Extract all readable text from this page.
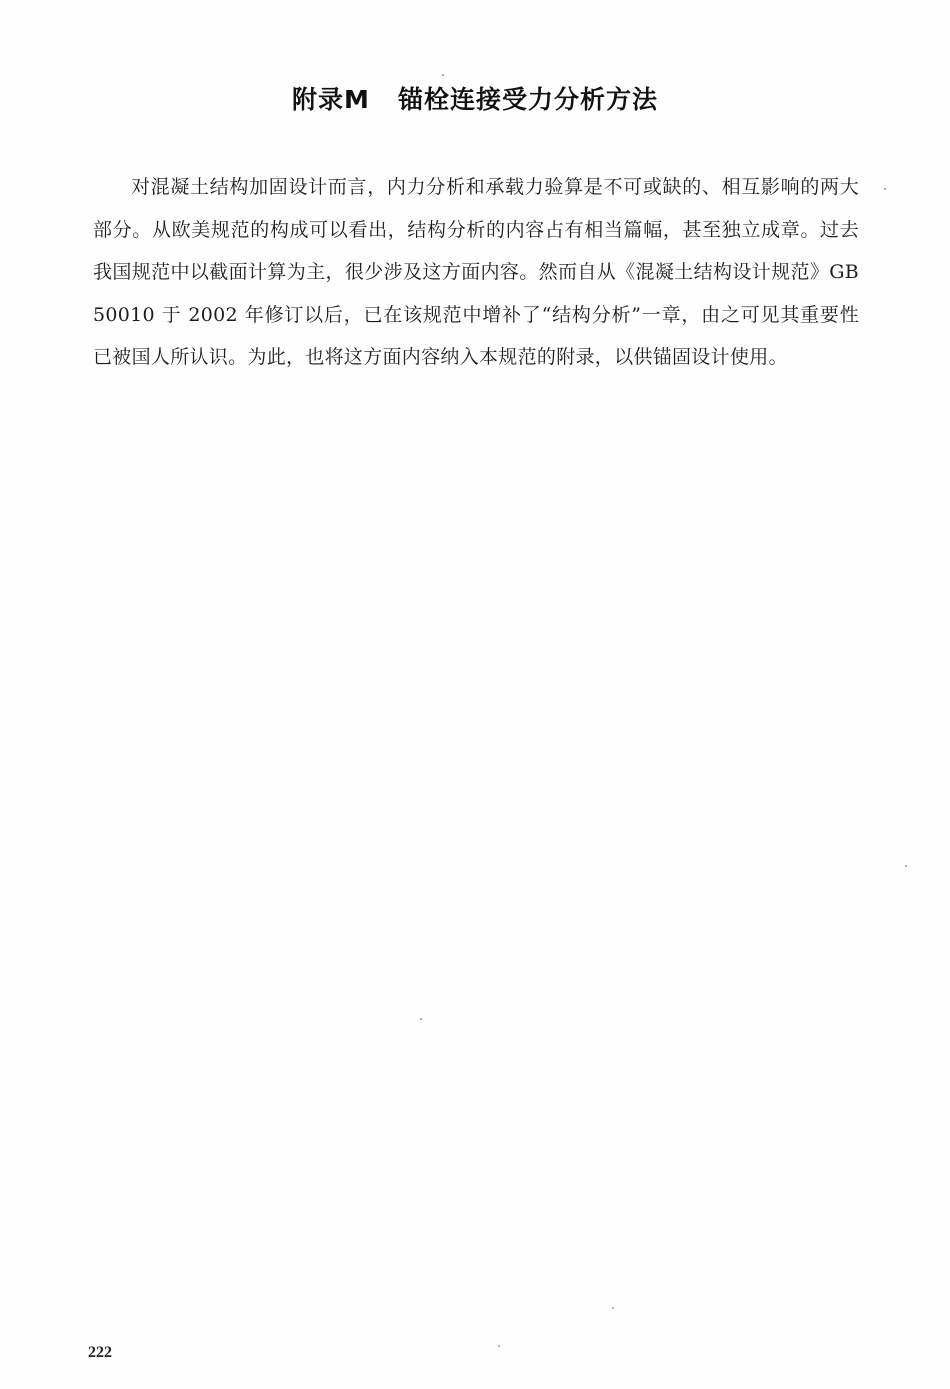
附录M 锚栓连接受力分析方法

对混凝土结构加固设计而言，内力分析和承载力验算是不可或缺的、相互影响的两大部分。从欧美规范的构成可以看出，结构分析的内容占有相当篇幅，甚至独立成章。过去我国规范中以截面计算为主，很少涉及这方面内容。然而自从《混凝土结构设计规范》GB 50010 于 2002 年修订以后，已在该规范中增补了“结构分析”一章，由之可见其重要性已被国人所认识。为此，也将这方面内容纳入本规范的附录，以供锚固设计使用。

222
